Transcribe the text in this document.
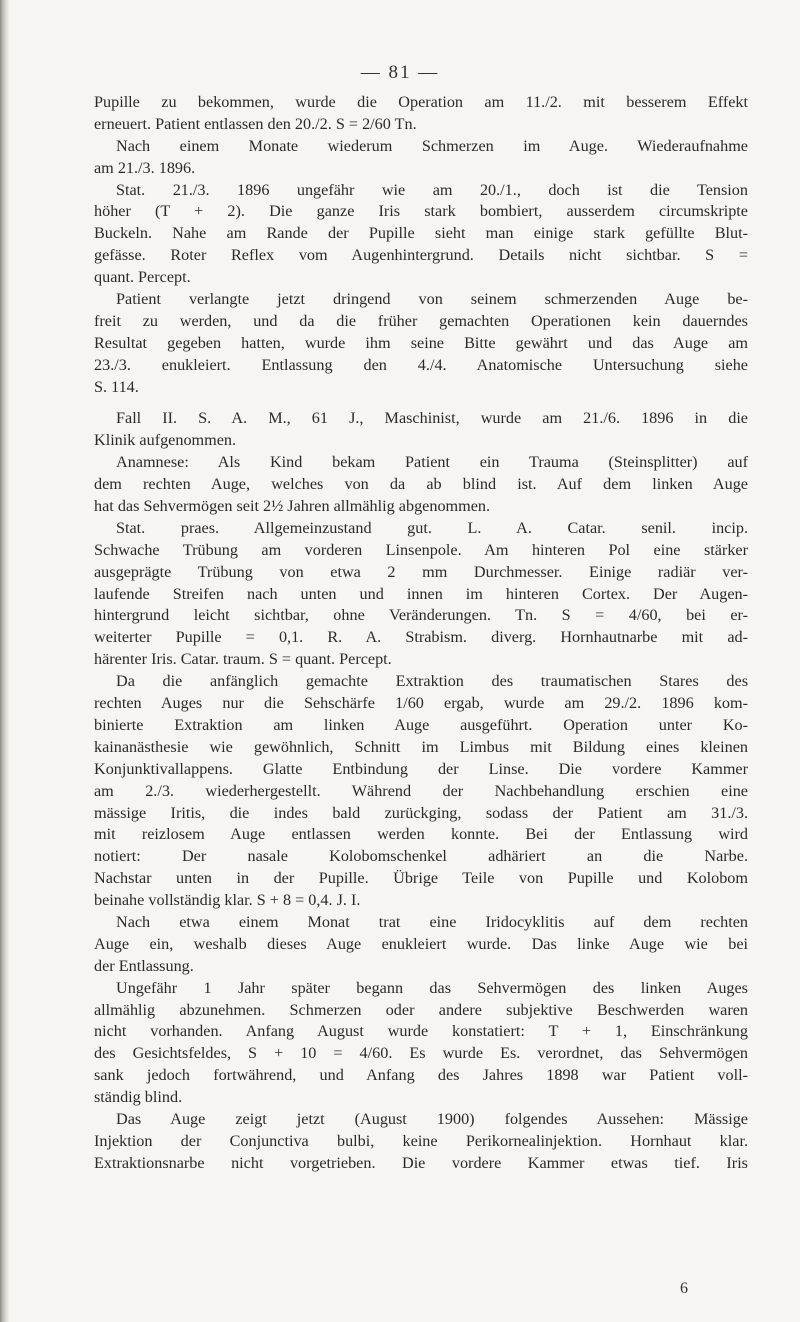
— 81 —
Pupille zu bekommen, wurde die Operation am 11./2. mit besserem Effekt
erneuert. Patient entlassen den 20./2. S = 2/60 Tn.
Nach einem Monate wiederum Schmerzen im Auge. Wiederaufnahme
am 21./3. 1896.
Stat. 21./3. 1896 ungefähr wie am 20./1., doch ist die Tension
höher (T + 2). Die ganze Iris stark bombiert, ausserdem circumskripte
Buckeln. Nahe am Rande der Pupille sieht man einige stark gefüllte Blut-
gefässe. Roter Reflex vom Augenhintergrund. Details nicht sichtbar. S =
quant. Percept.
Patient verlangte jetzt dringend von seinem schmerzenden Auge be-
freit zu werden, und da die früher gemachten Operationen kein dauerndes
Resultat gegeben hatten, wurde ihm seine Bitte gewährt und das Auge am
23./3. enukleiert. Entlassung den 4./4. Anatomische Untersuchung siehe
S. 114.
Fall II. S. A. M., 61 J., Maschinist, wurde am 21./6. 1896 in die
Klinik aufgenommen.
Anamnese: Als Kind bekam Patient ein Trauma (Steinsplitter) auf
dem rechten Auge, welches von da ab blind ist. Auf dem linken Auge
hat das Sehvermögen seit 2½ Jahren allmählig abgenommen.
Stat. praes. Allgemeinzustand gut. L. A. Catar. senil. incip.
Schwache Trübung am vorderen Linsenpole. Am hinteren Pol eine stärker
ausgeprägte Trübung von etwa 2 mm Durchmesser. Einige radiär ver-
laufende Streifen nach unten und innen im hinteren Cortex. Der Augen-
hintergrund leicht sichtbar, ohne Veränderungen. Tn. S = 4/60, bei er-
weiterter Pupille = 0,1. R. A. Strabism. diverg. Hornhautnarbe mit ad-
härenter Iris. Catar. traum. S = quant. Percept.
Da die anfänglich gemachte Extraktion des traumatischen Stares des
rechten Auges nur die Sehschärfe 1/60 ergab, wurde am 29./2. 1896 kom-
binierte Extraktion am linken Auge ausgeführt. Operation unter Ko-
kainanästhesie wie gewöhnlich, Schnitt im Limbus mit Bildung eines kleinen
Konjunktivallappens. Glatte Entbindung der Linse. Die vordere Kammer
am 2./3. wiederhergestellt. Während der Nachbehandlung erschien eine
mässige Iritis, die indes bald zurückging, sodass der Patient am 31./3.
mit reizlosem Auge entlassen werden konnte. Bei der Entlassung wird
notiert: Der nasale Kolobomschenkel adhäriert an die Narbe.
Nachstar unten in der Pupille. Übrige Teile von Pupille und Kolobom
beinahe vollständig klar. S + 8 = 0,4. J. I.
Nach etwa einem Monat trat eine Iridocyklitis auf dem rechten
Auge ein, weshalb dieses Auge enukleiert wurde. Das linke Auge wie bei
der Entlassung.
Ungefähr 1 Jahr später begann das Sehvermögen des linken Auges
allmählig abzunehmen. Schmerzen oder andere subjektive Beschwerden waren
nicht vorhanden. Anfang August wurde konstatiert: T + 1, Einschränkung
des Gesichtsfeldes, S + 10 = 4/60. Es wurde Es. verordnet, das Sehvermögen
sank jedoch fortwährend, und Anfang des Jahres 1898 war Patient voll-
ständig blind.
Das Auge zeigt jetzt (August 1900) folgendes Aussehen: Mässige
Injektion der Conjunctiva bulbi, keine Perikornealinjektion. Hornhaut klar.
Extraktionsnarbe nicht vorgetrieben. Die vordere Kammer etwas tief. Iris
6
